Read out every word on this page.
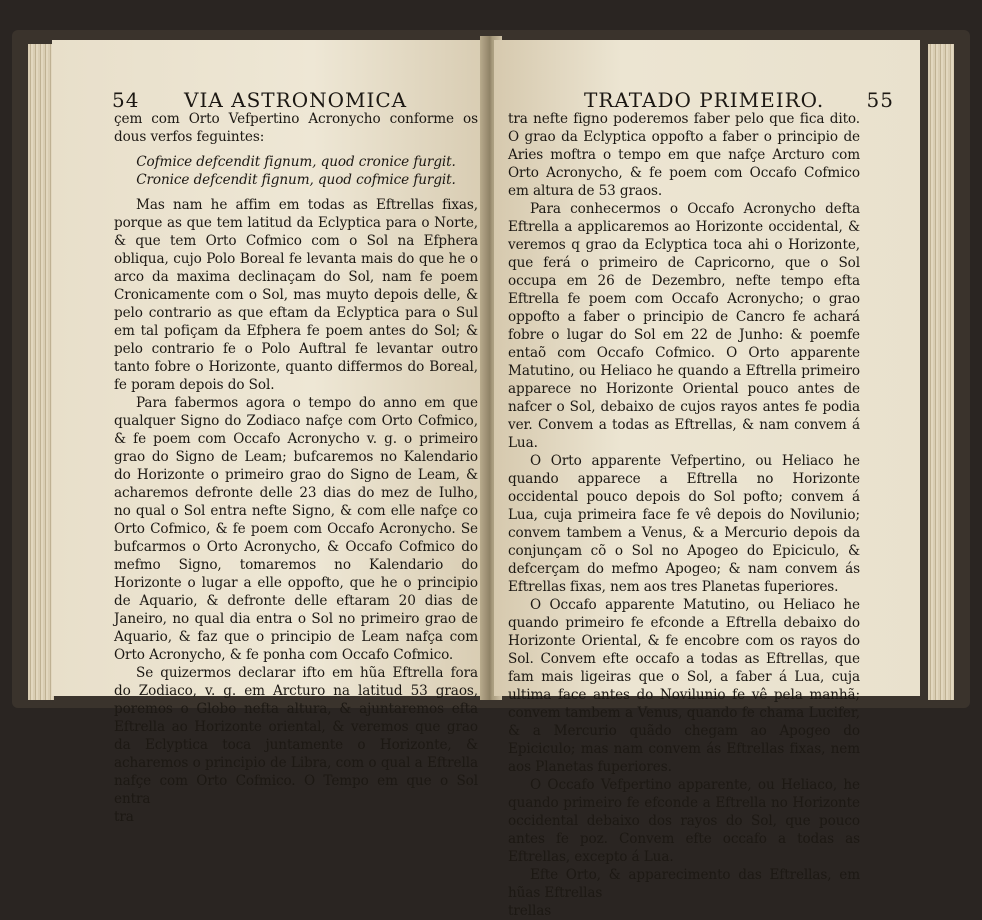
54 VIA ASTRONOMICA

çem com Orto Vefpertino Acronycho conforme os dous verfos feguintes:

Cofmice defcendit fignum, quod cronice furgit.

Cronice defcendit fignum, quod cofmice furgit.

Mas nam he affim em todas as Eftrellas fixas, porque as que tem latitud da Eclyptica para o Norte, & que tem Orto Cofmico com o Sol na Efphera obliqua, cujo Polo Boreal fe levanta mais do que he o arco da maxima declinaçam do Sol, nam fe poem Cronicamente com o Sol, mas muyto depois delle, & pelo contrario as que eftam da Eclyptica para o Sul em tal pofiçam da Efphera fe poem antes do Sol; & pelo contrario fe o Polo Auftral fe levantar outro tanto fobre o Horizonte, quanto differmos do Boreal, fe poram depois do Sol.

Para fabermos agora o tempo do anno em que qualquer Signo do Zodiaco nafçe com Orto Cofmico, & fe poem com Occafo Acronycho v. g. o primeiro grao do Signo de Leam; bufcaremos no Kalendario do Horizonte o primeiro grao do Signo de Leam, & acharemos defronte delle 23 dias do mez de Iulho, no qual o Sol entra nefte Signo, & com elle nafçe co Orto Cofmico, & fe poem com Occafo Acronycho. Se bufcarmos o Orto Acronycho, & Occafo Cofmico do mefmo Signo, tomaremos no Kalendario do Horizonte o lugar a elle oppofto, que he o principio de Aquario, & defronte delle eftaram 20 dias de Janeiro, no qual dia entra o Sol no primeiro grao de Aquario, & faz que o principio de Leam nafça com Orto Acronycho, & fe ponha com Occafo Cofmico.

Se quizermos declarar ifto em hũa Eftrella fora do Zodiaco, v. g. em Arcturo na latitud 53 graos, poremos o Globo nefta altura, & ajuntaremos efta Eftrella ao Horizonte oriental, & veremos que grao da Eclyptica toca juntamente o Horizonte, & acharemos o principio de Libra, com o qual a Eftrella nafçe com Orto Cofmico. O Tempo em que o Sol entra

tra

TRATADO PRIMEIRO. 55

tra nefte figno poderemos faber pelo que fica dito. O grao da Eclyptica oppofto a faber o principio de Aries moftra o tempo em que nafçe Arcturo com Orto Acronycho, & fe poem com Occafo Cofmico em altura de 53 graos.

Para conhecermos o Occafo Acronycho defta Eftrella a applicaremos ao Horizonte occidental, & veremos q grao da Eclyptica toca ahi o Horizonte, que ferá o primeiro de Capricorno, que o Sol occupa em 26 de Dezembro, nefte tempo efta Eftrella fe poem com Occafo Acronycho; o grao oppofto a faber o principio de Cancro fe achará fobre o lugar do Sol em 22 de Junho: & poemfe entaõ com Occafo Cofmico. O Orto apparente Matutino, ou Heliaco he quando a Eftrella primeiro apparece no Horizonte Oriental pouco antes de nafcer o Sol, debaixo de cujos rayos antes fe podia ver. Convem a todas as Eftrellas, & nam convem á Lua.

O Orto apparente Vefpertino, ou Heliaco he quando apparece a Eftrella no Horizonte occidental pouco depois do Sol pofto; convem á Lua, cuja primeira face fe vê depois do Novilunio; convem tambem a Venus, & a Mercurio depois da conjunçam cõ o Sol no Apogeo do Epiciculo, & defcerçam do mefmo Apogeo; & nam convem ás Eftrellas fixas, nem aos tres Planetas fuperiores.

O Occafo apparente Matutino, ou Heliaco he quando primeiro fe efconde a Eftrella debaixo do Horizonte Oriental, & fe encobre com os rayos do Sol. Convem efte occafo a todas as Eftrellas, que fam mais ligeiras que o Sol, a faber á Lua, cuja ultima face antes do Novilunio fe vê pela manhã; convem tambem a Venus, quando fe chama Lucifer, & a Mercurio quãdo chegam ao Apogeo do Epiciculo; mas nam convem ás Eftrellas fixas, nem aos Planetas fuperiores.

O Occafo Vefpertino apparente, ou Heliaco, he quando primeiro fe efconde a Eftrella no Horizonte occidental debaixo dos rayos do Sol, que pouco antes fe poz. Convem efte occafo a todas as Eftrellas, excepto á Lua.

Efte Orto, & apparecimento das Eftrellas, em hũas Eftrellas

trellas
